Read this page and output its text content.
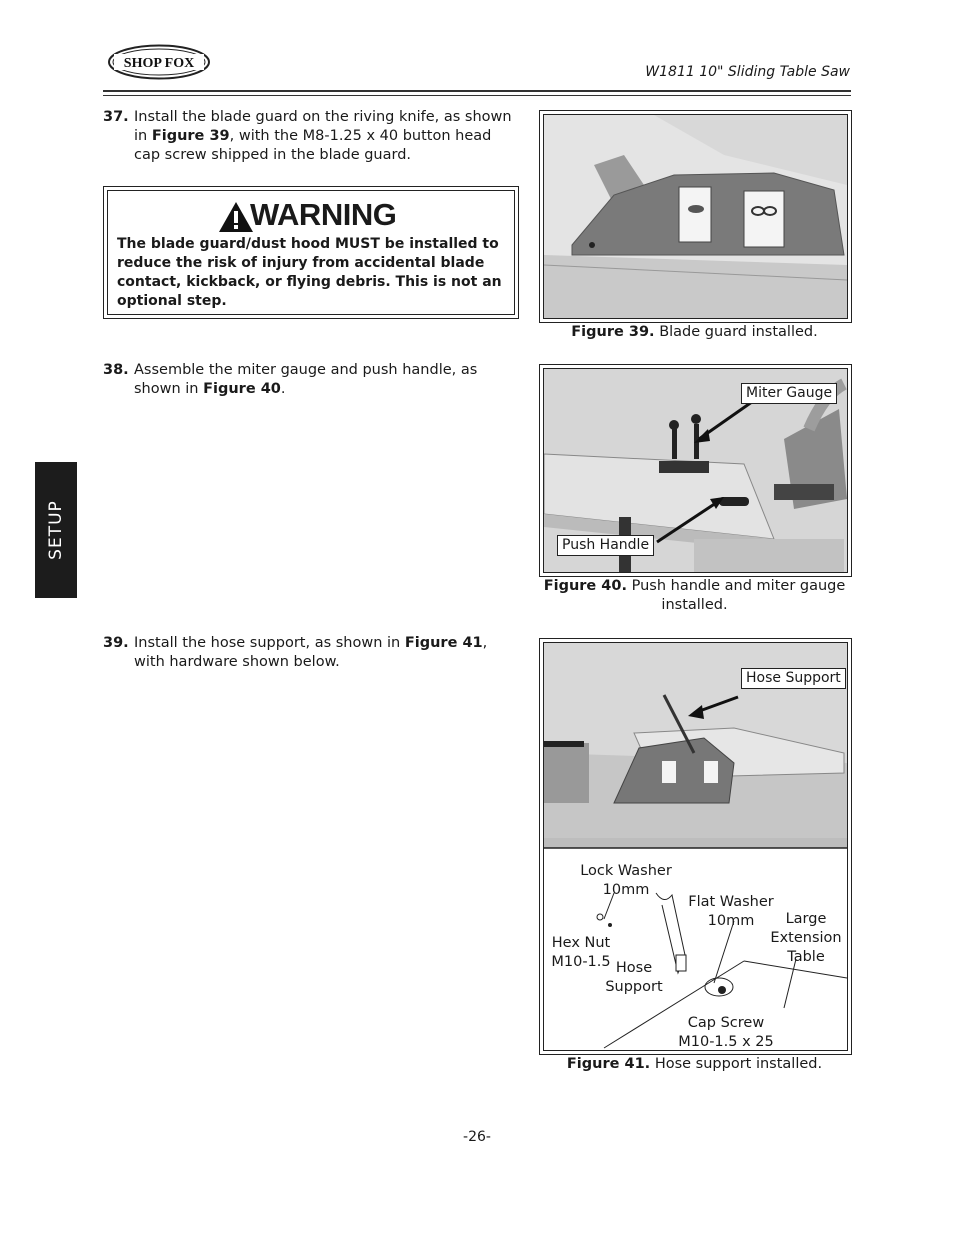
SHOP FOX
W1811 10" Sliding Table Saw
37. Install the blade guard on the riving knife, as shown in Figure 39, with the M8-1.25 x 40 button head cap screw shipped in the blade guard.
WARNING
The blade guard/dust hood MUST be installed to reduce the risk of injury from accidental blade contact, kickback, or flying debris. This is not an optional step.
Figure 39. Blade guard installed.
38. Assemble the miter gauge and push handle, as shown in Figure 40.	Miter Gauge
Push Handle
Figure 40. Push handle and miter gauge installed.
39. Install the hose support, as shown in Figure 41, with hardware shown below.
Hose Support
Lock Washer 10mm
Flat Washer 10mm	Large Extension Table
Hex Nut M10-1.5 Hose Support
Cap Screw M10-1.5 x 25
Figure 41. Hose support installed.
SETUP
-26-
